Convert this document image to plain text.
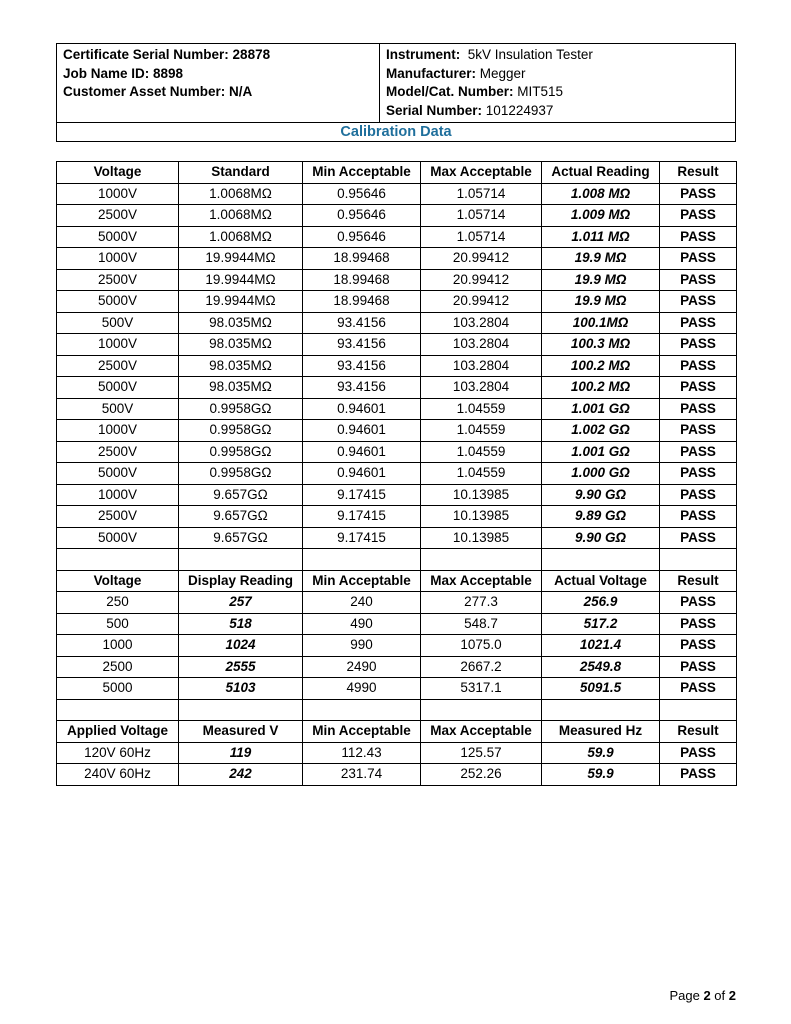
Certificate Serial Number: 28878
Job Name ID: 8898
Customer Asset Number: N/A

Instrument: 5kV Insulation Tester
Manufacturer: Megger
Model/Cat. Number: MIT515
Serial Number: 101224937

Calibration Data
Voltage	Standard	Min Acceptable	Max Acceptable	Actual Reading	Result
1000V	1.0068MΩ	0.95646	1.05714	1.008 MΩ	PASS
2500V	1.0068MΩ	0.95646	1.05714	1.009 MΩ	PASS
5000V	1.0068MΩ	0.95646	1.05714	1.011 MΩ	PASS
1000V	19.9944MΩ	18.99468	20.99412	19.9 MΩ	PASS
2500V	19.9944MΩ	18.99468	20.99412	19.9 MΩ	PASS
5000V	19.9944MΩ	18.99468	20.99412	19.9 MΩ	PASS
500V	98.035MΩ	93.4156	103.2804	100.1MΩ	PASS
1000V	98.035MΩ	93.4156	103.2804	100.3 MΩ	PASS
2500V	98.035MΩ	93.4156	103.2804	100.2 MΩ	PASS
5000V	98.035MΩ	93.4156	103.2804	100.2 MΩ	PASS
500V	0.9958GΩ	0.94601	1.04559	1.001 GΩ	PASS
1000V	0.9958GΩ	0.94601	1.04559	1.002 GΩ	PASS
2500V	0.9958GΩ	0.94601	1.04559	1.001 GΩ	PASS
5000V	0.9958GΩ	0.94601	1.04559	1.000 GΩ	PASS
1000V	9.657GΩ	9.17415	10.13985	9.90 GΩ	PASS
2500V	9.657GΩ	9.17415	10.13985	9.89 GΩ	PASS
5000V	9.657GΩ	9.17415	10.13985	9.90 GΩ	PASS

Voltage	Display Reading	Min Acceptable	Max Acceptable	Actual Voltage	Result
250	257	240	277.3	256.9	PASS
500	518	490	548.7	517.2	PASS
1000	1024	990	1075.0	1021.4	PASS
2500	2555	2490	2667.2	2549.8	PASS
5000	5103	4990	5317.1	5091.5	PASS

Applied Voltage	Measured V	Min Acceptable	Max Acceptable	Measured Hz	Result
120V 60Hz	119	112.43	125.57	59.9	PASS
240V 60Hz	242	231.74	252.26	59.9	PASS
Page 2 of 2
